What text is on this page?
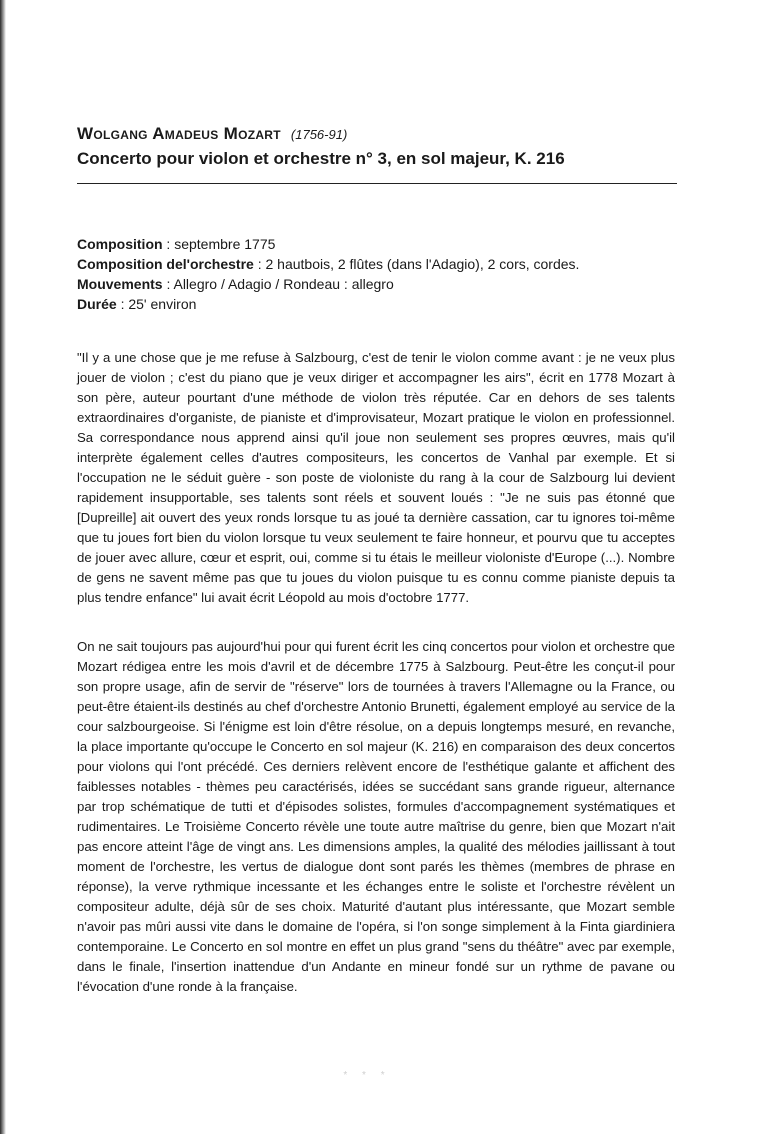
Wolgang Amadeus Mozart (1756-91)
Concerto pour violon et orchestre n° 3, en sol majeur, K. 216
Composition : septembre 1775
Composition del'orchestre : 2 hautbois, 2 flûtes (dans l'Adagio), 2 cors, cordes.
Mouvements : Allegro / Adagio / Rondeau : allegro
Durée : 25' environ
"Il y a une chose que je me refuse à Salzbourg, c'est de tenir le violon comme avant : je ne veux plus jouer de violon ; c'est du piano que je veux diriger et accompagner les airs", écrit en 1778 Mozart à son père, auteur pourtant d'une méthode de violon très réputée. Car en dehors de ses talents extraordinaires d'organiste, de pianiste et d'improvisateur, Mozart pratique le violon en professionnel. Sa correspondance nous apprend ainsi qu'il joue non seulement ses propres œuvres, mais qu'il interprète également celles d'autres compositeurs, les concertos de Vanhal par exemple. Et si l'occupation ne le séduit guère - son poste de violoniste du rang à la cour de Salzbourg lui devient rapidement insupportable, ses talents sont réels et souvent loués : "Je ne suis pas étonné que [Dupreille] ait ouvert des yeux ronds lorsque tu as joué ta dernière cassation, car tu ignores toi-même que tu joues fort bien du violon lorsque tu veux seulement te faire honneur, et pourvu que tu acceptes de jouer avec allure, cœur et esprit, oui, comme si tu étais le meilleur violoniste d'Europe (...). Nombre de gens ne savent même pas que tu joues du violon puisque tu es connu comme pianiste depuis ta plus tendre enfance" lui avait écrit Léopold au mois d'octobre 1777.
On ne sait toujours pas aujourd'hui pour qui furent écrit les cinq concertos pour violon et orchestre que Mozart rédigea entre les mois d'avril et de décembre 1775 à Salzbourg. Peut-être les conçut-il pour son propre usage, afin de servir de "réserve" lors de tournées à travers l'Allemagne ou la France, ou peut-être étaient-ils destinés au chef d'orchestre Antonio Brunetti, également employé au service de la cour salzbourgeoise. Si l'énigme est loin d'être résolue, on a depuis longtemps mesuré, en revanche, la place importante qu'occupe le Concerto en sol majeur (K. 216) en comparaison des deux concertos pour violons qui l'ont précédé. Ces derniers relèvent encore de l'esthétique galante et affichent des faiblesses notables - thèmes peu caractérisés, idées se succédant sans grande rigueur, alternance par trop schématique de tutti et d'épisodes solistes, formules d'accompagnement systématiques et rudimentaires. Le Troisième Concerto révèle une toute autre maîtrise du genre, bien que Mozart n'ait pas encore atteint l'âge de vingt ans. Les dimensions amples, la qualité des mélodies jaillissant à tout moment de l'orchestre, les vertus de dialogue dont sont parés les thèmes (membres de phrase en réponse), la verve rythmique incessante et les échanges entre le soliste et l'orchestre révèlent un compositeur adulte, déjà sûr de ses choix. Maturité d'autant plus intéressante, que Mozart semble n'avoir pas mûri aussi vite dans le domaine de l'opéra, si l'on songe simplement à la Finta giardiniera contemporaine. Le Concerto en sol montre en effet un plus grand "sens du théâtre" avec par exemple, dans le finale, l'insertion inattendue d'un Andante en mineur fondé sur un rythme de pavane ou l'évocation d'une ronde à la française.
* * *
